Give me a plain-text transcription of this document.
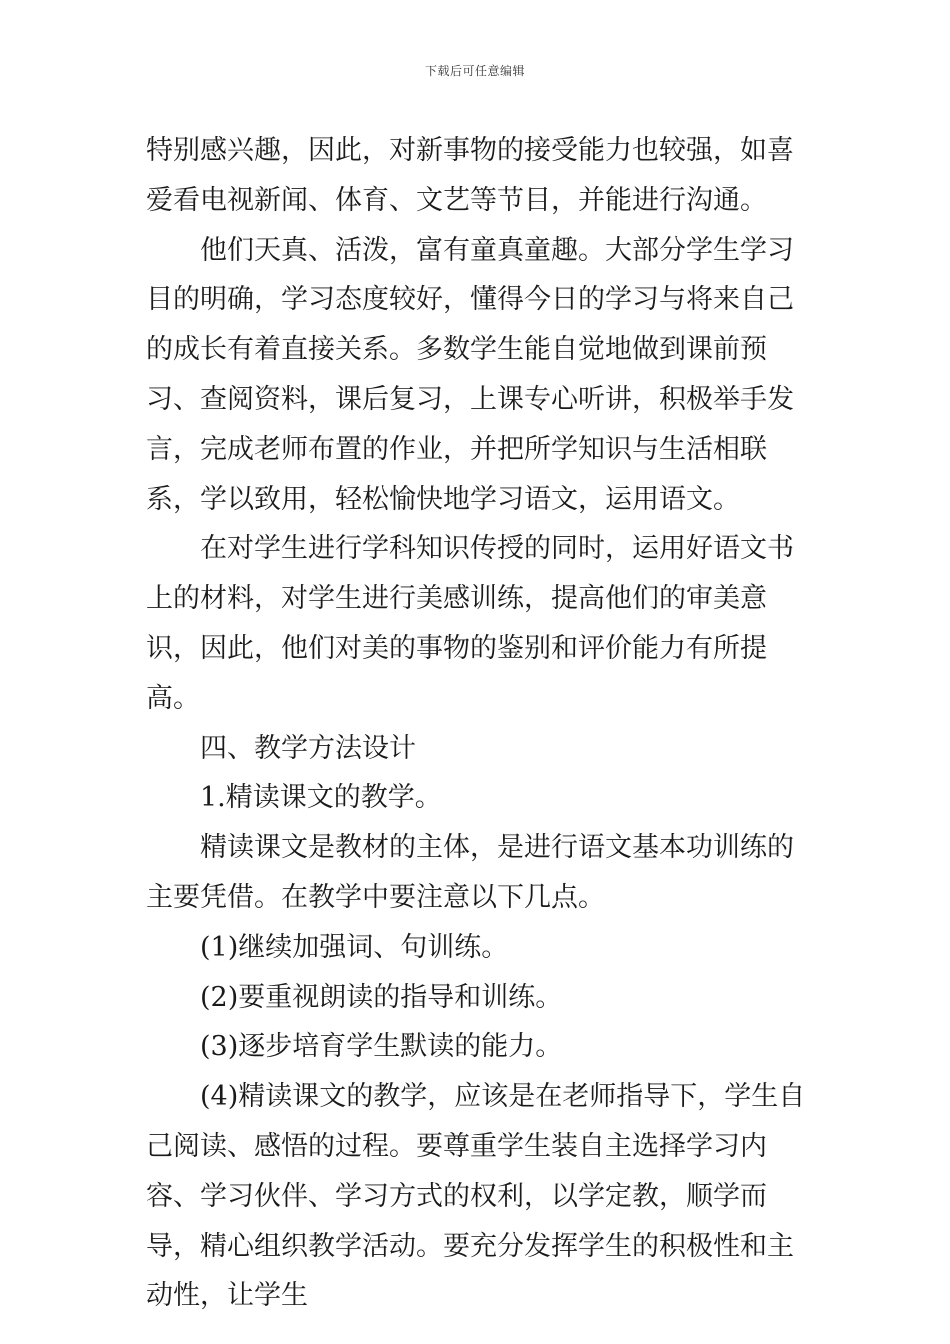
下载后可任意编辑

特别感兴趣，因此，对新事物的接受能力也较强，如喜爱看电视新闻、体育、文艺等节目，并能进行沟通。

他们天真、活泼，富有童真童趣。大部分学生学习目的明确，学习态度较好，懂得今日的学习与将来自己的成长有着直接关系。多数学生能自觉地做到课前预习、查阅资料，课后复习，上课专心听讲，积极举手发言，完成老师布置的作业，并把所学知识与生活相联系，学以致用，轻松愉快地学习语文，运用语文。

在对学生进行学科知识传授的同时，运用好语文书上的材料，对学生进行美感训练，提高他们的审美意识，因此，他们对美的事物的鉴别和评价能力有所提高。

四、教学方法设计

1.精读课文的教学。

精读课文是教材的主体，是进行语文基本功训练的主要凭借。在教学中要注意以下几点。

(1)继续加强词、句训练。

(2)要重视朗读的指导和训练。

(3)逐步培育学生默读的能力。

(4)精读课文的教学，应该是在老师指导下，学生自己阅读、感悟的过程。要尊重学生装自主选择学习内容、学习伙伴、学习方式的权利，以学定教，顺学而导，精心组织教学活动。要充分发挥学生的积极性和主动性，让学生
